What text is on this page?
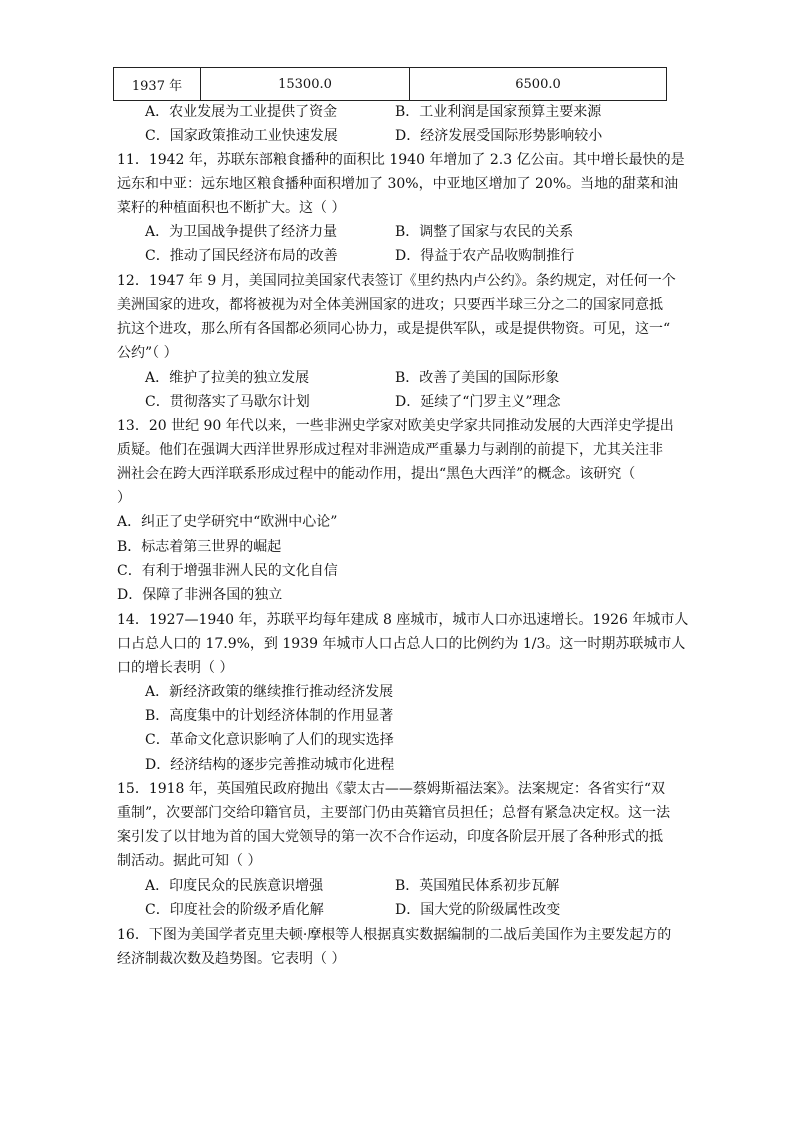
1937 年	15300.0	6500.0
A．农业发展为工业提供了资金	B．工业利润是国家预算主要来源
C．国家政策推动工业快速发展	D．经济发展受国际形势影响较小
11．1942 年，苏联东部粮食播种的面积比 1940 年增加了 2.3 亿公亩。其中增长最快的是
远东和中亚：远东地区粮食播种面积增加了 30%，中亚地区增加了 20%。当地的甜菜和油
菜籽的种植面积也不断扩大。这（ ）
A．为卫国战争提供了经济力量	B．调整了国家与农民的关系
C．推动了国民经济布局的改善	D．得益于农产品收购制推行
12．1947 年 9 月，美国同拉美国家代表签订《里约热内卢公约》。条约规定，对任何一个
美洲国家的进攻，都将被视为对全体美洲国家的进攻；只要西半球三分之二的国家同意抵
抗这个进攻，那么所有各国都必须同心协力，或是提供军队，或是提供物资。可见，这一“
公约”（ ）
A．维护了拉美的独立发展	B．改善了美国的国际形象
C．贯彻落实了马歇尔计划	D．延续了“门罗主义”理念
13．20 世纪 90 年代以来，一些非洲史学家对欧美史学家共同推动发展的大西洋史学提出
质疑。他们在强调大西洋世界形成过程对非洲造成严重暴力与剥削的前提下，尤其关注非
洲社会在跨大西洋联系形成过程中的能动作用，提出“黑色大西洋”的概念。该研究（
）
A．纠正了史学研究中“欧洲中心论”
B．标志着第三世界的崛起
C．有利于增强非洲人民的文化自信
D．保障了非洲各国的独立
14．1927—1940 年，苏联平均每年建成 8 座城市，城市人口亦迅速增长。1926 年城市人
口占总人口的 17.9%，到 1939 年城市人口占总人口的比例约为 1/3。这一时期苏联城市人
口的增长表明（ ）
A．新经济政策的继续推行推动经济发展
B．高度集中的计划经济体制的作用显著
C．革命文化意识影响了人们的现实选择
D．经济结构的逐步完善推动城市化进程
15．1918 年，英国殖民政府抛出《蒙太古——蔡姆斯福法案》。法案规定：各省实行“双
重制”，次要部门交给印籍官员，主要部门仍由英籍官员担任；总督有紧急决定权。这一法
案引发了以甘地为首的国大党领导的第一次不合作运动，印度各阶层开展了各种形式的抵
制活动。据此可知（ ）
A．印度民众的民族意识增强	B．英国殖民体系初步瓦解
C．印度社会的阶级矛盾化解	D．国大党的阶级属性改变
16．下图为美国学者克里夫顿·摩根等人根据真实数据编制的二战后美国作为主要发起方的
经济制裁次数及趋势图。它表明（ ）
